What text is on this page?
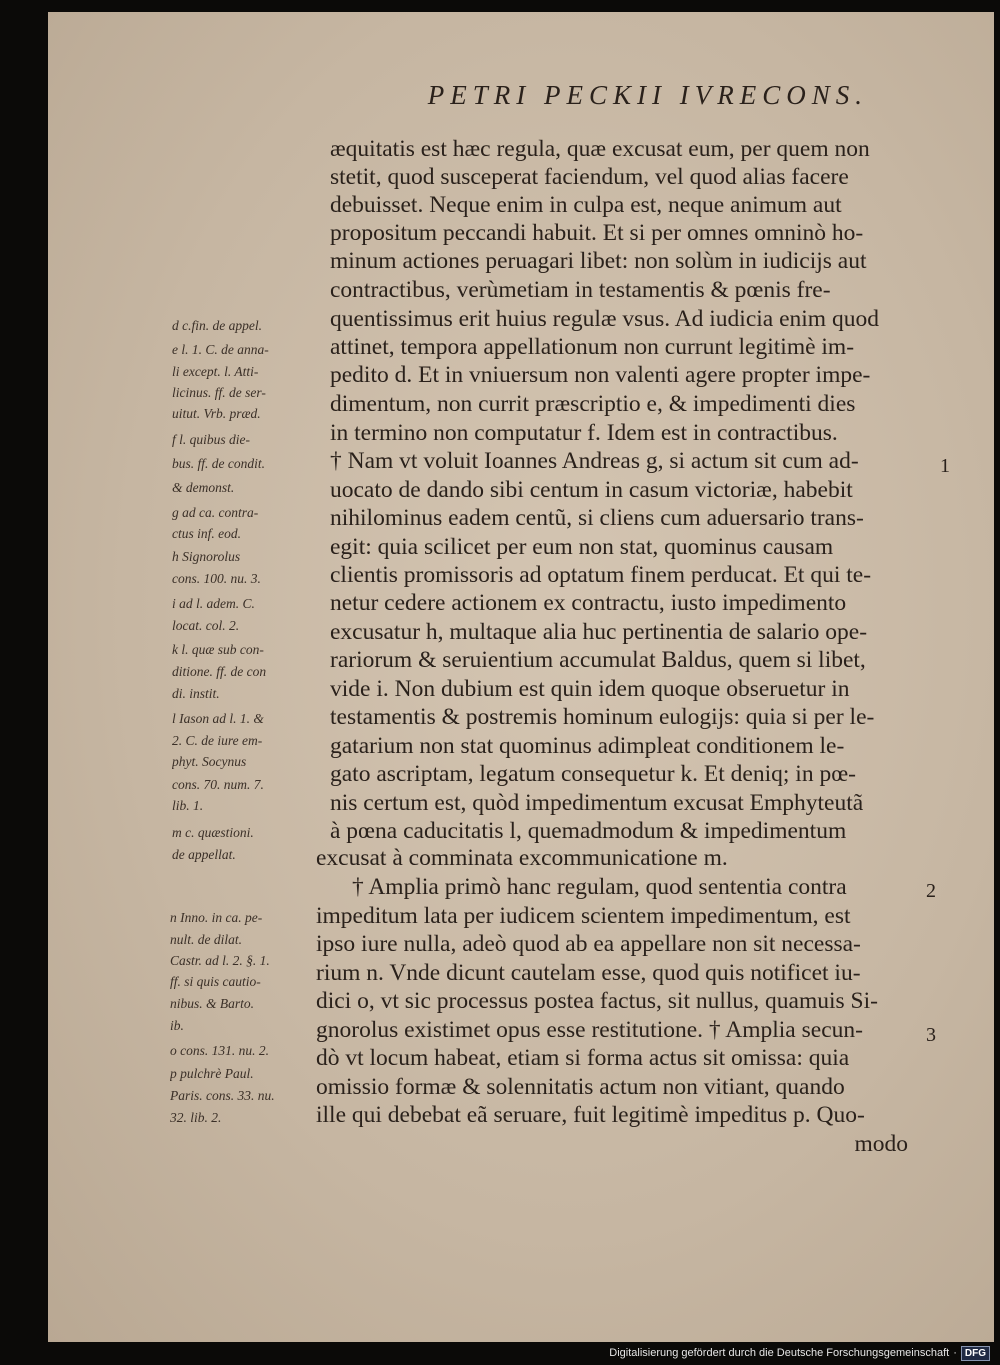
PETRI PECKII IVRECONS.
æquitatis est hæc regula, quæ excusat eum, per quem non
stetit, quod susceperat faciendum, vel quod alias facere
debuisset. Neque enim in culpa est, neque animum aut
propositum peccandi habuit. Et si per omnes omninò ho-
minum actiones peruagari libet: non solùm in iudicijs aut
contractibus, verùmetiam in testamentis & pœnis fre-
quentissimus erit huius regulæ vsus. Ad iudicia enim quod
attinet, tempora appellationum non currunt legitimè im-
pedito d. Et in vniuersum non valenti agere propter impe-
dimentum, non currit præscriptio e, & impedimenti dies
in termino non computatur f. Idem est in contractibus.
† Nam vt voluit Ioannes Andreas g, si actum sit cum ad-
uocato de dando sibi centum in casum victoriæ, habebit
nihilominus eadem centũ, si cliens cum aduersario trans-
egit: quia scilicet per eum non stat, quominus causam
clientis promissoris ad optatum finem perducat. Et qui te-
netur cedere actionem ex contractu, iusto impedimento
excusatur h, multaque alia huc pertinentia de salario ope-
rariorum & seruientium accumulat Baldus, quem si libet,
vide i. Non dubium est quin idem quoque obseruetur in
testamentis & postremis hominum eulogijs: quia si per le-
gatarium non stat quominus adimpleat conditionem le-
gato ascriptam, legatum consequetur k. Et deniq; in pœ-
nis certum est, quòd impedimentum excusat Emphyteutã
à pœna caducitatis l, quemadmodum & impedimentum
excusat à comminata excommunicatione m.
† Amplia primò hanc regulam, quod sententia contra
impeditum lata per iudicem scientem impedimentum, est
ipso iure nulla, adeò quod ab ea appellare non sit necessa-
rium n. Vnde dicunt cautelam esse, quod quis notificet iu-
dici o, vt sic processus postea factus, sit nullus, quamuis Si-
gnorolus existimet opus esse restitutione. † Amplia secun-
dò vt locum habeat, etiam si forma actus sit omissa: quia
omissio formæ & solennitatis actum non vitiant, quando
ille qui debebat eã seruare, fuit legitimè impeditus p. Quo-
modo
1
2
3
d c.fin. de appel.
e l. 1. C. de anna-
li except. l. Atti-
licinus. ff. de ser-
uitut. Vrb. præd.
f l. quibus die-
bus. ff. de condit.
& demonst.
g ad ca. contra-
ctus inf. eod.
h Signorolus
cons. 100. nu. 3.
i ad l. adem. C.
locat. col. 2.
k l. quæ sub con-
ditione. ff. de con
di. instit.
l Iason ad l. 1. &
2. C. de iure em-
phyt. Socynus
cons. 70. num. 7.
lib. 1.
m c. quæstioni.
de appellat.
n Inno. in ca. pe-
nult. de dilat.
Castr. ad l. 2. §. 1.
ff. si quis cautio-
nibus. & Barto.
ib.
o cons. 131. nu. 2.
p pulchrè Paul.
Paris. cons. 33. nu.
32. lib. 2.
Digitalisierung gefördert durch die Deutsche Forschungsgemeinschaft · DFG
